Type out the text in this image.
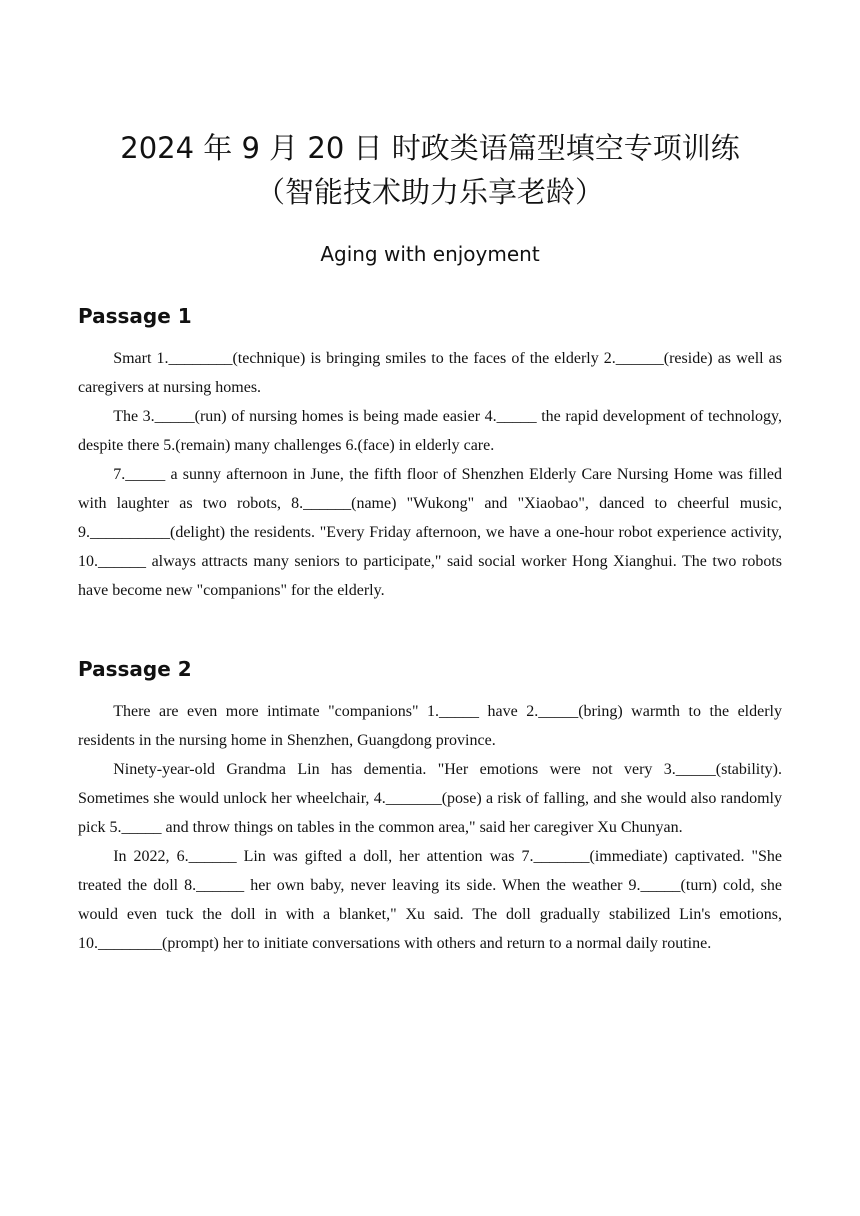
2024 年 9 月 20 日 时政类语篇型填空专项训练
（智能技术助力乐享老龄）
Aging with enjoyment
Passage 1

Smart 1.________(technique) is bringing smiles to the faces of the elderly 2.______(reside) as well as caregivers at nursing homes.

The 3._____(run) of nursing homes is being made easier 4._____ the rapid development of technology, despite there 5.(remain) many challenges 6.(face) in elderly care.

7._____ a sunny afternoon in June, the fifth floor of Shenzhen Elderly Care Nursing Home was filled with laughter as two robots, 8.______(name) "Wukong" and "Xiaobao", danced to cheerful music, 9.__________(delight) the residents. "Every Friday afternoon, we have a one-hour robot experience activity, 10.______ always attracts many seniors to participate," said social worker Hong Xianghui. The two robots have become new "companions" for the elderly.

Passage 2

There are even more intimate "companions" 1._____ have 2._____(bring) warmth to the elderly residents in the nursing home in Shenzhen, Guangdong province.

Ninety-year-old Grandma Lin has dementia. "Her emotions were not very 3._____(stability). Sometimes she would unlock her wheelchair, 4._______(pose) a risk of falling, and she would also randomly pick 5._____ and throw things on tables in the common area," said her caregiver Xu Chunyan.

In 2022, 6.______ Lin was gifted a doll, her attention was 7._______(immediate) captivated. "She treated the doll 8.______ her own baby, never leaving its side. When the weather 9._____(turn) cold, she would even tuck the doll in with a blanket," Xu said. The doll gradually stabilized Lin's emotions, 10.________(prompt) her to initiate conversations with others and return to a normal daily routine.
